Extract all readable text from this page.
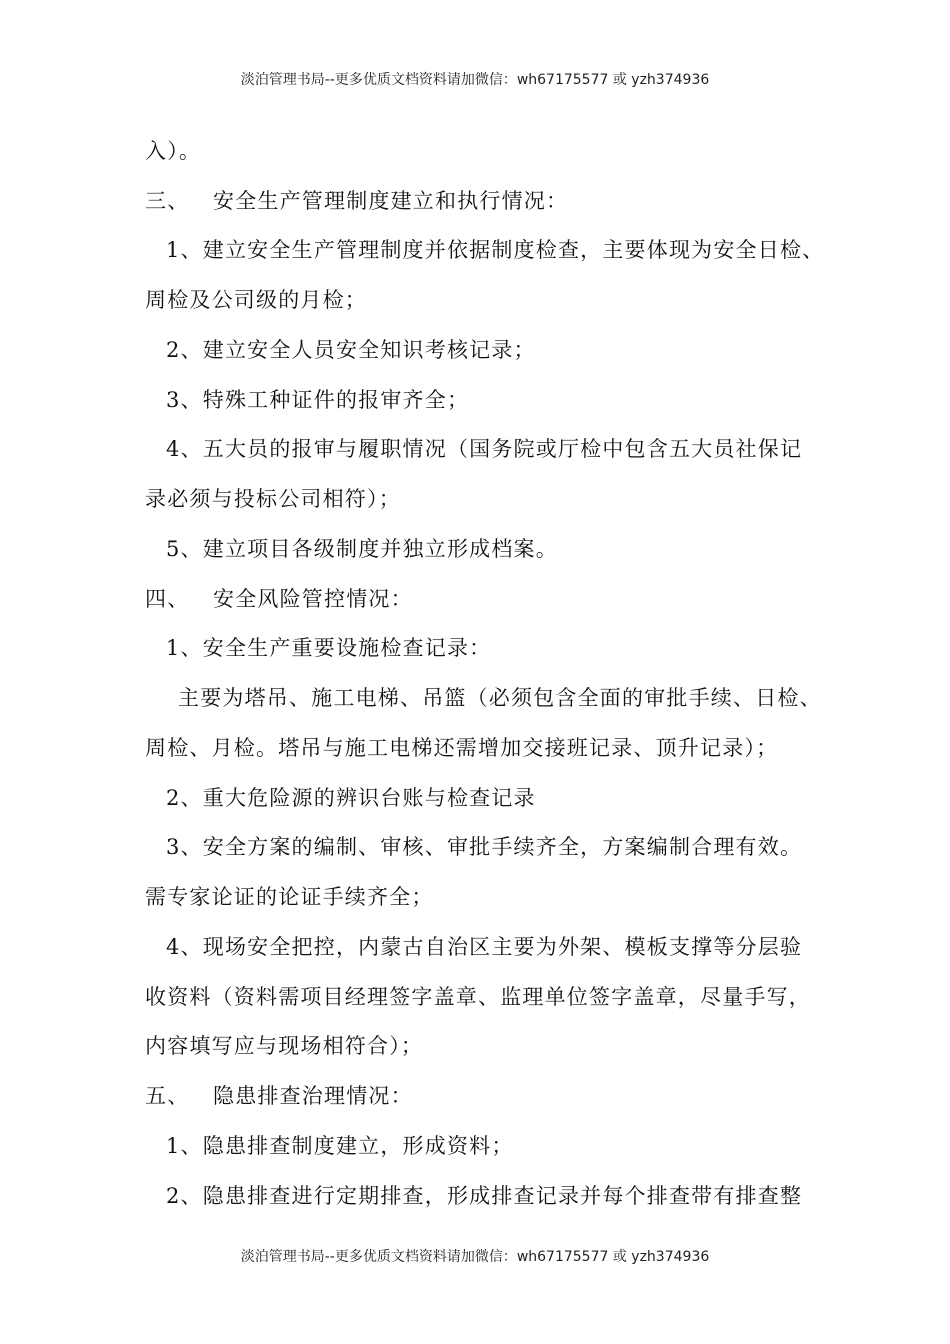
淡泊管理书局--更多优质文档资料请加微信：wh67175577 或 yzh374936
入）。
三、 安全生产管理制度建立和执行情况：
1、建立安全生产管理制度并依据制度检查，主要体现为安全日检、
周检及公司级的月检；
2、建立安全人员安全知识考核记录；
3、特殊工种证件的报审齐全；
4、五大员的报审与履职情况（国务院或厅检中包含五大员社保记
录必须与投标公司相符）；
5、建立项目各级制度并独立形成档案。
四、 安全风险管控情况：
1、安全生产重要设施检查记录：
主要为塔吊、施工电梯、吊篮（必须包含全面的审批手续、日检、
周检、月检。塔吊与施工电梯还需增加交接班记录、顶升记录）；
2、重大危险源的辨识台账与检查记录
3、安全方案的编制、审核、审批手续齐全，方案编制合理有效。
需专家论证的论证手续齐全；
4、现场安全把控，内蒙古自治区主要为外架、模板支撑等分层验
收资料（资料需项目经理签字盖章、监理单位签字盖章，尽量手写，
内容填写应与现场相符合）；
五、 隐患排查治理情况：
1、隐患排查制度建立，形成资料；
2、隐患排查进行定期排查，形成排查记录并每个排查带有排查整
淡泊管理书局--更多优质文档资料请加微信：wh67175577 或 yzh374936
